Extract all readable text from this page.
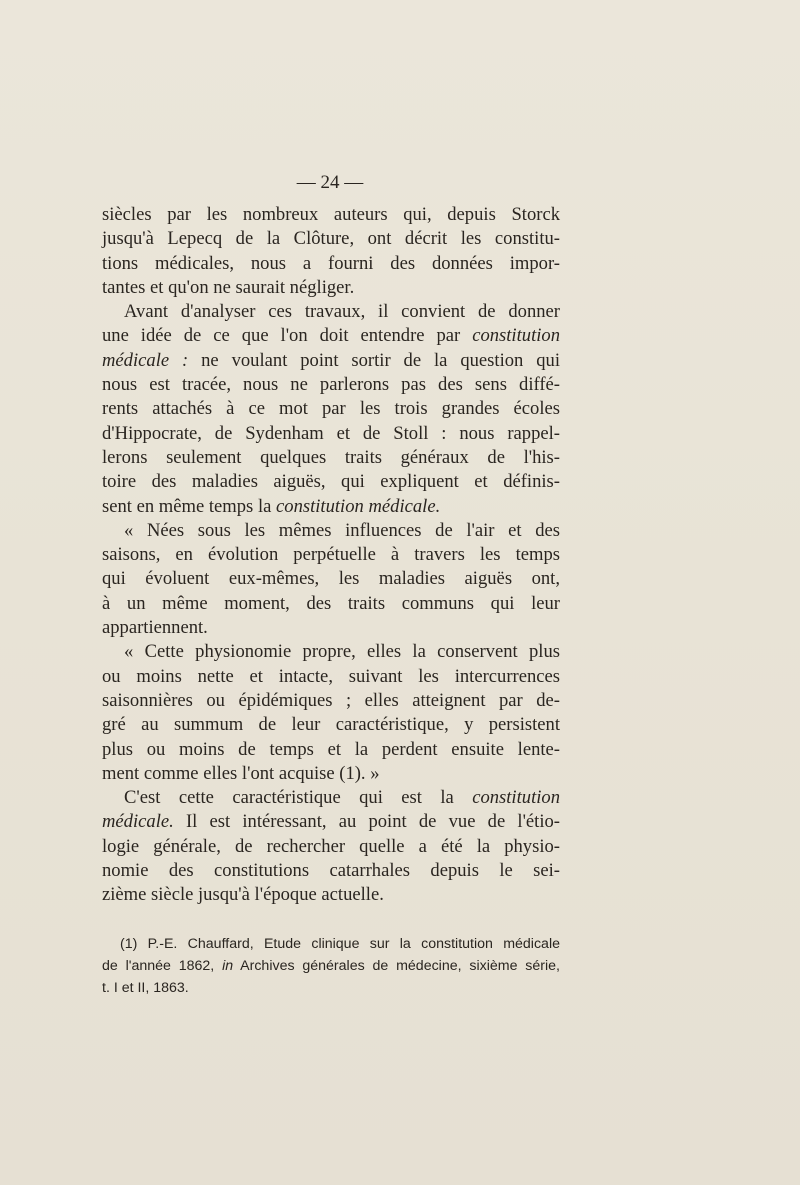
— 24 —

siècles par les nombreux auteurs qui, depuis Storck
jusqu'à Lepecq de la Clôture, ont décrit les constitu-
tions médicales, nous a fourni des données impor-
tantes et qu'on ne saurait négliger.

Avant d'analyser ces travaux, il convient de donner
une idée de ce que l'on doit entendre par constitution
médicale : ne voulant point sortir de la question qui
nous est tracée, nous ne parlerons pas des sens diffé-
rents attachés à ce mot par les trois grandes écoles
d'Hippocrate, de Sydenham et de Stoll : nous rappel-
lerons seulement quelques traits généraux de l'his-
toire des maladies aiguës, qui expliquent et définis-
sent en même temps la constitution médicale.

« Nées sous les mêmes influences de l'air et des
saisons, en évolution perpétuelle à travers les temps
qui évoluent eux-mêmes, les maladies aiguës ont,
à un même moment, des traits communs qui leur
appartiennent.

« Cette physionomie propre, elles la conservent plus
ou moins nette et intacte, suivant les intercurrences
saisonnières ou épidémiques ; elles atteignent par de-
gré au summum de leur caractéristique, y persistent
plus ou moins de temps et la perdent ensuite lente-
ment comme elles l'ont acquise (1). »

C'est cette caractéristique qui est la constitution
médicale. Il est intéressant, au point de vue de l'étio-
logie générale, de rechercher quelle a été la physio-
nomie des constitutions catarrhales depuis le sei-
zième siècle jusqu'à l'époque actuelle.

(1) P.-E. Chauffard, Etude clinique sur la constitution médicale
de l'année 1862, in Archives générales de médecine, sixième série,
t. I et II, 1863.
